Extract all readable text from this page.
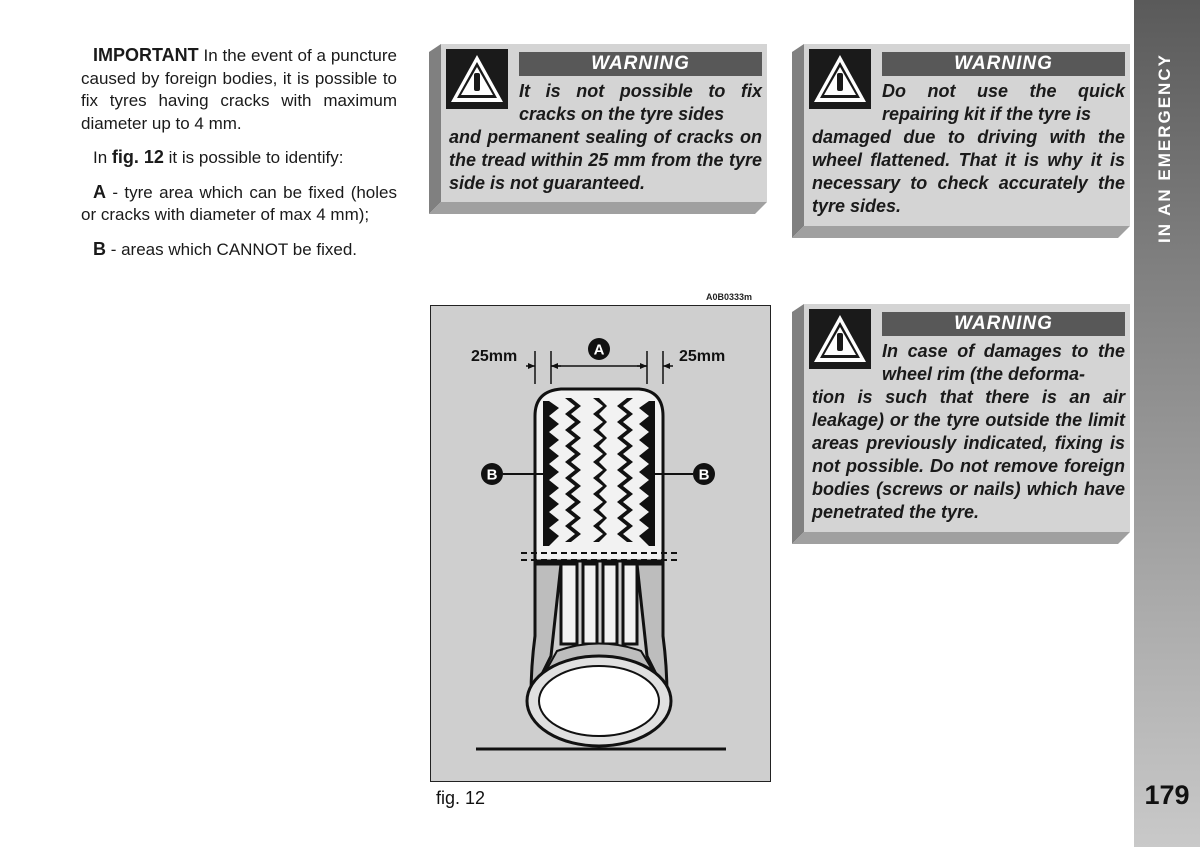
IMPORTANT In the event of a puncture caused by foreign bodies, it is possible to fix tyres having cracks with maximum diameter up to 4 mm.

In fig. 12 it is possible to identify:

A - tyre area which can be fixed (holes or cracks with diameter of max 4 mm);

B - areas which CANNOT be fixed.

WARNING
It is not possible to fix cracks on the tyre sides
and permanent sealing of cracks on the tread within 25 mm from the tyre side is not guaranteed.
WARNING
Do not use the quick repairing kit if the tyre is
damaged due to driving with the wheel flattened. That it is why it is necessary to check accurately the tyre sides.
WARNING
In case of damages to the wheel rim (the deforma-
tion is such that there is an air leakage) or the tyre outside the limit areas previously indicated, fixing is not possible. Do not remove foreign bodies (screws or nails) which have penetrated the tyre.
A0B0333m
A
B	B
25mm	25mm
fig. 12
IN AN EMERGENCY
179
